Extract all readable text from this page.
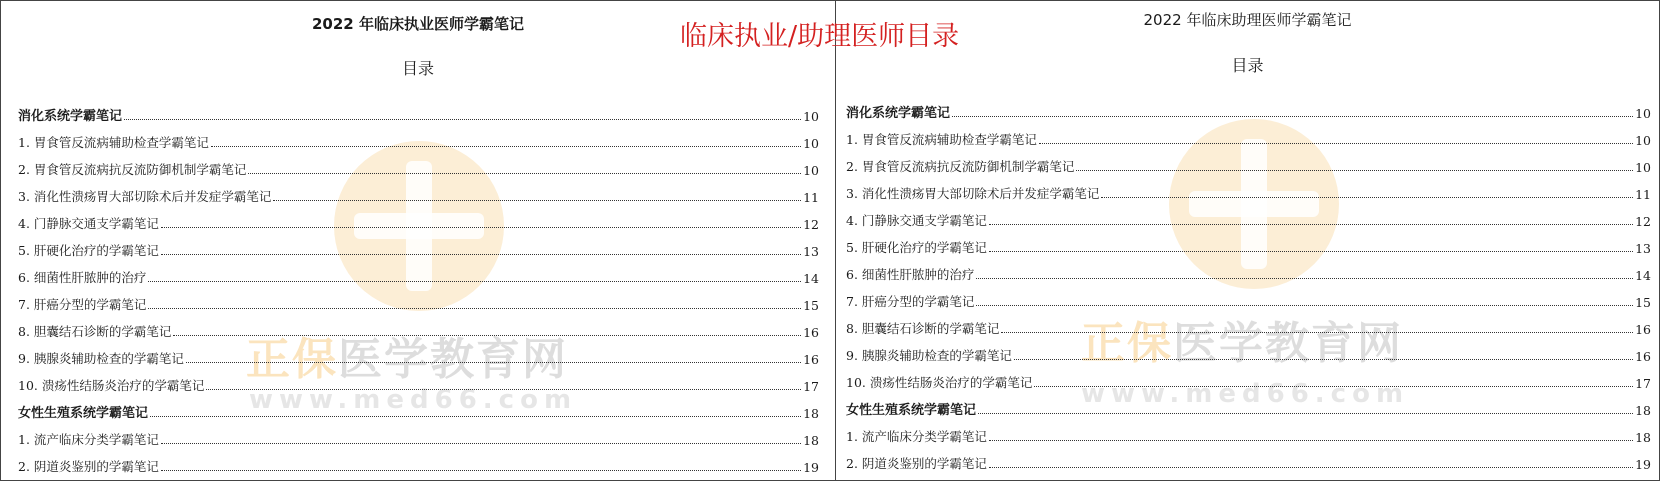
正保医学教育网
www.med66.com
2022 年临床执业医师学霸笔记
目录
消化系统学霸笔记	10
1. 胃食管反流病辅助检查学霸笔记	10
2. 胃食管反流病抗反流防御机制学霸笔记	10
3. 消化性溃疡胃大部切除术后并发症学霸笔记	11
4. 门静脉交通支学霸笔记	12
5. 肝硬化治疗的学霸笔记	13
6. 细菌性肝脓肿的治疗	14
7. 肝癌分型的学霸笔记	15
8. 胆囊结石诊断的学霸笔记	16
9. 胰腺炎辅助检查的学霸笔记	16
10. 溃疡性结肠炎治疗的学霸笔记	17
女性生殖系统学霸笔记	18
1. 流产临床分类学霸笔记	18
2. 阴道炎鉴别的学霸笔记	19
正保医学教育网
www.med66.com
2022 年临床助理医师学霸笔记
目录
消化系统学霸笔记	10
1. 胃食管反流病辅助检查学霸笔记	10
2. 胃食管反流病抗反流防御机制学霸笔记	10
3. 消化性溃疡胃大部切除术后并发症学霸笔记	11
4. 门静脉交通支学霸笔记	12
5. 肝硬化治疗的学霸笔记	13
6. 细菌性肝脓肿的治疗	14
7. 肝癌分型的学霸笔记	15
8. 胆囊结石诊断的学霸笔记	16
9. 胰腺炎辅助检查的学霸笔记	16
10. 溃疡性结肠炎治疗的学霸笔记	17
女性生殖系统学霸笔记	18
1. 流产临床分类学霸笔记	18
2. 阴道炎鉴别的学霸笔记	19
临床执业/助理医师目录
